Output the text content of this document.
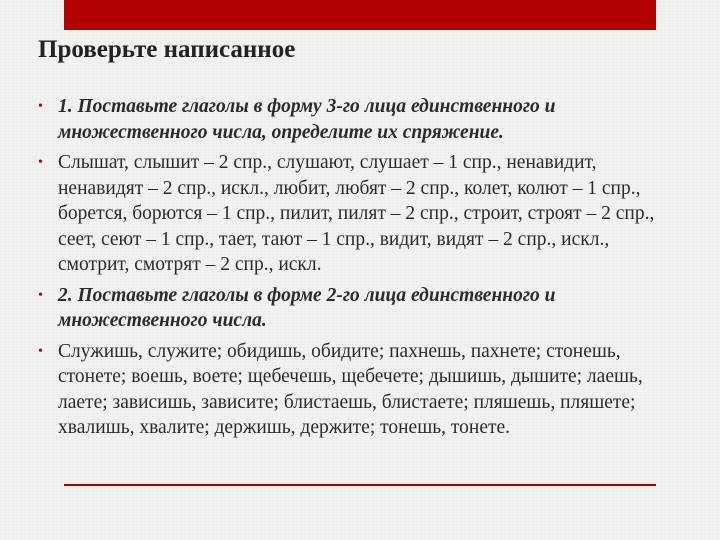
Проверьте написанное
• 1. Поставьте глаголы в форму 3-го лица единственного и множественного числа, определите их спряжение.
• Слышат, слышит – 2 спр., слушают, слушает – 1 спр., ненавидит, ненавидят – 2 спр., искл., любит, любят – 2 спр., колет, колют – 1 спр., борется, борются – 1 спр., пилит, пилят – 2 спр., строит, строят – 2 спр., сеет, сеют – 1 спр., тает, тают – 1 спр., видит, видят – 2 спр., искл., смотрит, смотрят – 2 спр., искл.
• 2. Поставьте глаголы в форме 2-го лица единственного и множественного числа.
• Служишь, служите; обидишь, обидите; пахнешь, пахнете; стонешь, стонете; воешь, воете; щебечешь, щебечете; дышишь, дышите; лаешь, лаете; зависишь, зависите; блистаешь, блистаете; пляшешь, пляшете; хвалишь, хвалите; держишь, держите; тонешь, тонете.
